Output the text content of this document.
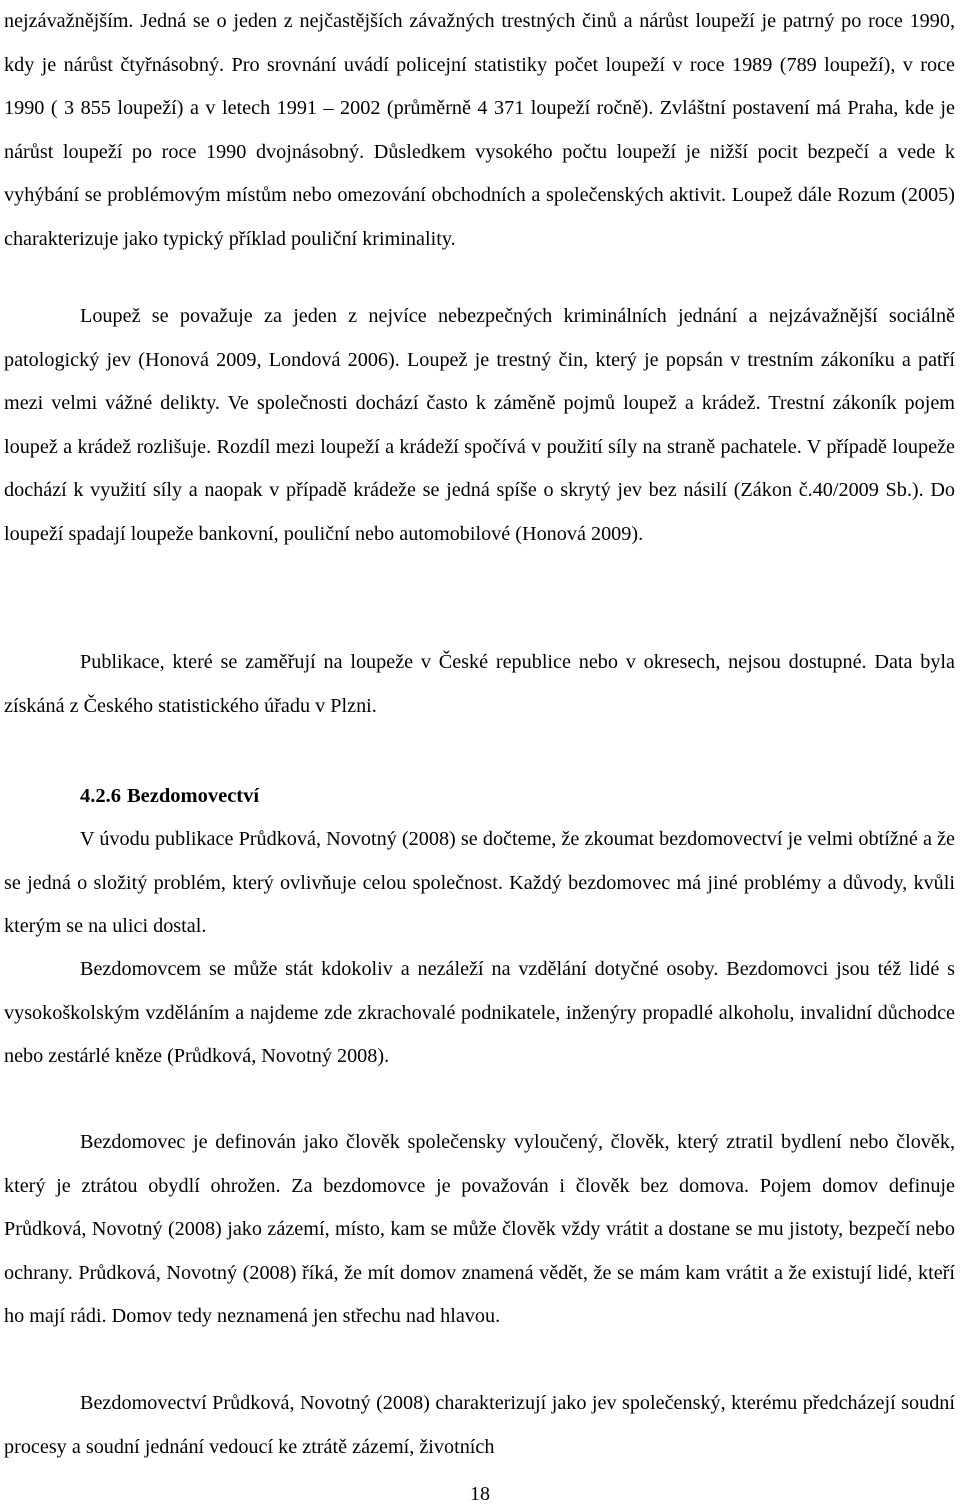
nejzávažnějším. Jedná se o jeden z nejčastějších závažných trestných činů a nárůst loupeží je patrný po roce 1990, kdy je nárůst čtyřnásobný. Pro srovnání uvádí policejní statistiky počet loupeží v roce 1989 (789 loupeží), v roce 1990 ( 3 855 loupeží) a v letech 1991 – 2002 (průměrně 4 371 loupeží ročně). Zvláštní postavení má Praha, kde je nárůst loupeží po roce 1990 dvojnásobný. Důsledkem vysokého počtu loupeží je nižší pocit bezpečí a vede k vyhýbání se problémovým místům nebo omezování obchodních a společenských aktivit. Loupež dále Rozum (2005) charakterizuje jako typický příklad pouliční kriminality.

Loupež se považuje za jeden z nejvíce nebezpečných kriminálních jednání a nejzávažnější sociálně patologický jev (Honová 2009, Londová 2006). Loupež je trestný čin, který je popsán v trestním zákoníku a patří mezi velmi vážné delikty. Ve společnosti dochází často k záměně pojmů loupež a krádež. Trestní zákoník pojem loupež a krádež rozlišuje. Rozdíl mezi loupeží a krádeží spočívá v použití síly na straně pachatele. V případě loupeže dochází k využití síly a naopak v případě krádeže se jedná spíše o skrytý jev bez násilí (Zákon č.40/2009 Sb.). Do loupeží spadají loupeže bankovní, pouliční nebo automobilové (Honová 2009).

Publikace, které se zaměřují na loupeže v České republice nebo v okresech, nejsou dostupné. Data byla získáná z Českého statistického úřadu v Plzni.

4.2.6 Bezdomovectví

V úvodu publikace Průdková, Novotný (2008) se dočteme, že zkoumat bezdomovectví je velmi obtížné a že se jedná o složitý problém, který ovlivňuje celou společnost. Každý bezdomovec má jiné problémy a důvody, kvůli kterým se na ulici dostal.

Bezdomovcem se může stát kdokoliv a nezáleží na vzdělání dotyčné osoby. Bezdomovci jsou též lidé s vysokoškolským vzděláním a najdeme zde zkrachovalé podnikatele, inženýry propadlé alkoholu, invalidní důchodce nebo zestárlé kněze (Průdková, Novotný 2008).

Bezdomovec je definován jako člověk společensky vyloučený, člověk, který ztratil bydlení nebo člověk, který je ztrátou obydlí ohrožen. Za bezdomovce je považován i člověk bez domova. Pojem domov definuje Průdková, Novotný (2008) jako zázemí, místo, kam se může člověk vždy vrátit a dostane se mu jistoty, bezpečí nebo ochrany. Průdková, Novotný (2008) říká, že mít domov znamená vědět, že se mám kam vrátit a že existují lidé, kteří ho mají rádi. Domov tedy neznamená jen střechu nad hlavou.

Bezdomovectví Průdková, Novotný (2008) charakterizují jako jev společenský, kterému předcházejí soudní procesy a soudní jednání vedoucí ke ztrátě zázemí, životních

18
